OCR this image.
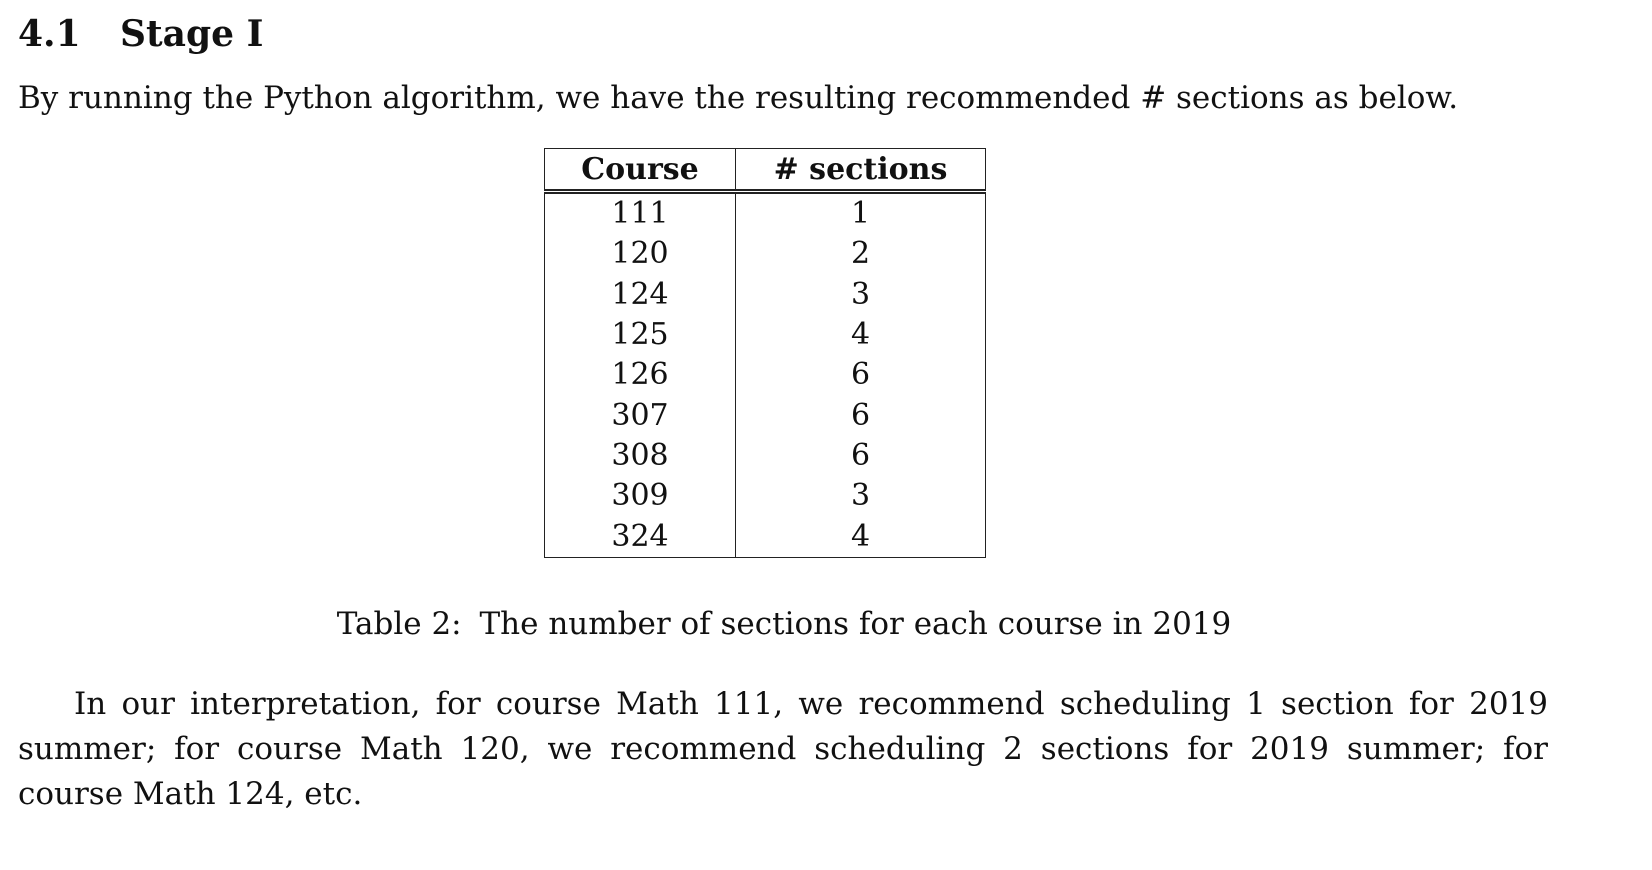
4.1	Stage I

By running the Python algorithm, we have the resulting recommended # sections as below.

Course	# sections
111	1
120	2
124	3
125	4
126	6
307	6
308	6
309	3
324	4
Table 2: The number of sections for each course in 2019

In our interpretation, for course Math 111, we recommend scheduling 1 section for 2019 summer; for course Math 120, we recommend scheduling 2 sections for 2019 summer; for course Math 124, etc.
